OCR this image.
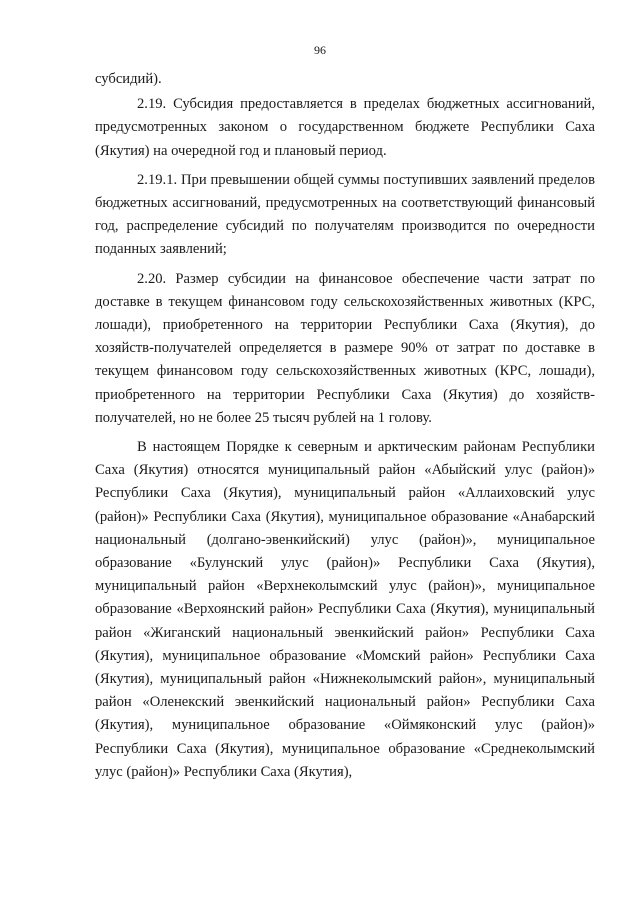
96

субсидий).

2.19. Субсидия предоставляется в пределах бюджетных ассигнований, предусмотренных законом о государственном бюджете Республики Саха (Якутия) на очередной год и плановый период.

2.19.1. При превышении общей суммы поступивших заявлений пределов бюджетных ассигнований, предусмотренных на соответствующий финансовый год, распределение субсидий по получателям производится по очередности поданных заявлений;

2.20. Размер субсидии на финансовое обеспечение части затрат по доставке в текущем финансовом году сельскохозяйственных животных (КРС, лошади), приобретенного на территории Республики Саха (Якутия), до хозяйств-получателей определяется в размере 90% от затрат по доставке в текущем финансовом году сельскохозяйственных животных (КРС, лошади), приобретенного на территории Республики Саха (Якутия) до хозяйств-получателей, но не более 25 тысяч рублей на 1 голову.

В настоящем Порядке к северным и арктическим районам Республики Саха (Якутия) относятся муниципальный район «Абыйский улус (район)» Республики Саха (Якутия), муниципальный район «Аллаиховский улус (район)» Республики Саха (Якутия), муниципальное образование «Анабарский национальный (долгано-эвенкийский) улус (район)», муниципальное образование «Булунский улус (район)» Республики Саха (Якутия), муниципальный район «Верхнеколымский улус (район)», муниципальное образование «Верхоянский район» Республики Саха (Якутия), муниципальный район «Жиганский национальный эвенкийский район» Республики Саха (Якутия), муниципальное образование «Момский район» Республики Саха (Якутия), муниципальный район «Нижнеколымский район», муниципальный район «Оленекский эвенкийский национальный район» Республики Саха (Якутия), муниципальное образование «Оймяконский улус (район)» Республики Саха (Якутия), муниципальное образование «Среднеколымский улус (район)» Республики Саха (Якутия),
